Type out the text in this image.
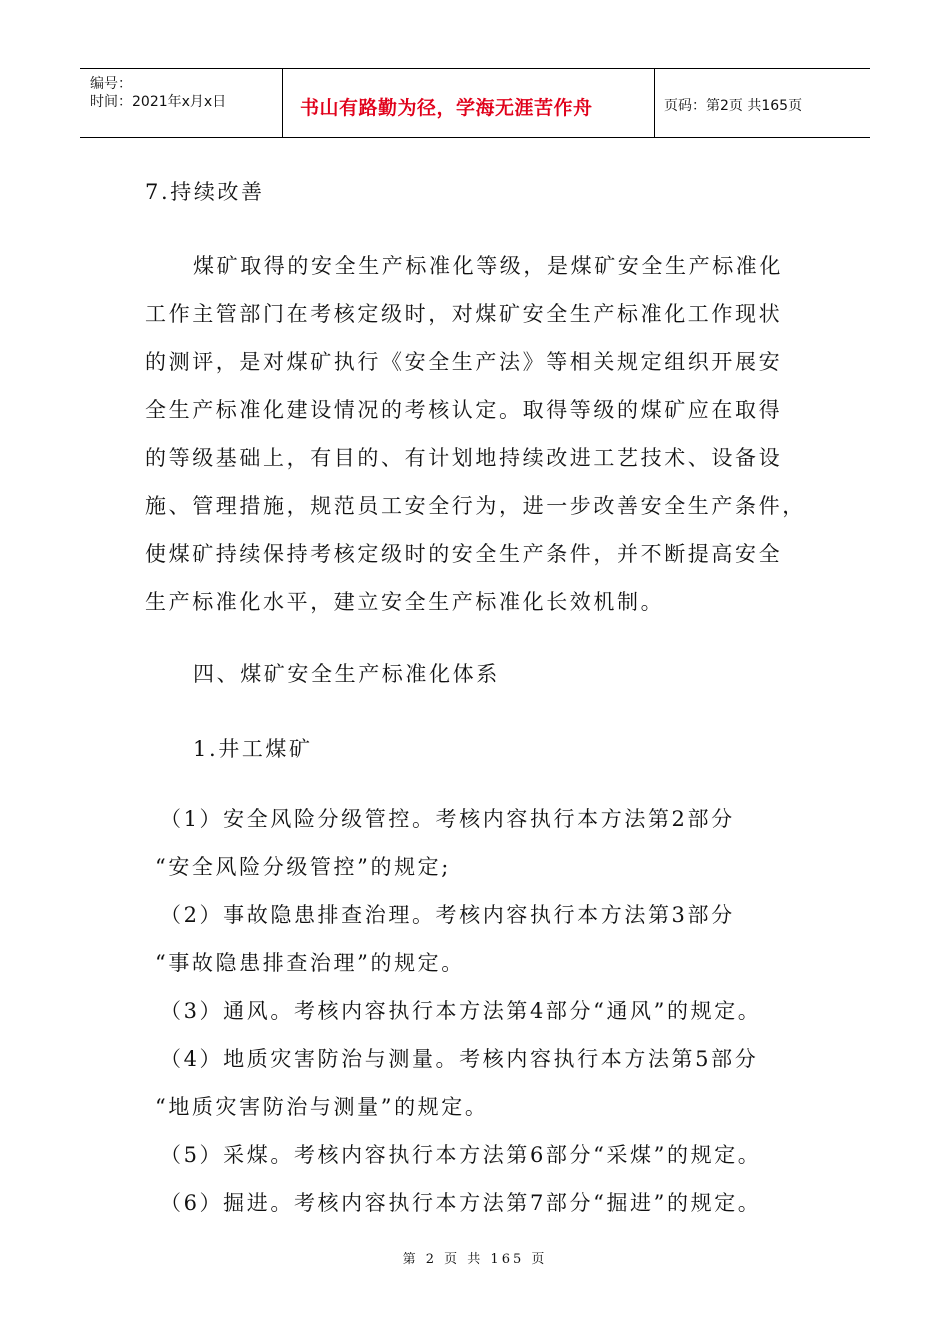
编号：
时间：2021年x月x日	书山有路勤为径，学海无涯苦作舟	页码：第2页 共165页
7.持续改善
煤矿取得的安全生产标准化等级，是煤矿安全生产标准化
工作主管部门在考核定级时，对煤矿安全生产标准化工作现状
的测评，是对煤矿执行《安全生产法》等相关规定组织开展安
全生产标准化建设情况的考核认定。取得等级的煤矿应在取得
的等级基础上，有目的、有计划地持续改进工艺技术、设备设
施、管理措施，规范员工安全行为，进一步改善安全生产条件，
使煤矿持续保持考核定级时的安全生产条件，并不断提高安全
生产标准化水平，建立安全生产标准化长效机制。
四、煤矿安全生产标准化体系
1.井工煤矿
（1）安全风险分级管控。考核内容执行本方法第2部分
“安全风险分级管控”的规定;
（2）事故隐患排查治理。考核内容执行本方法第3部分
“事故隐患排查治理”的规定。
（3）通风。考核内容执行本方法第4部分“通风”的规定。
（4）地质灾害防治与测量。考核内容执行本方法第5部分
“地质灾害防治与测量”的规定。
（5）采煤。考核内容执行本方法第6部分“采煤”的规定。
（6）掘进。考核内容执行本方法第7部分“掘进”的规定。
第 2 页 共 165 页
